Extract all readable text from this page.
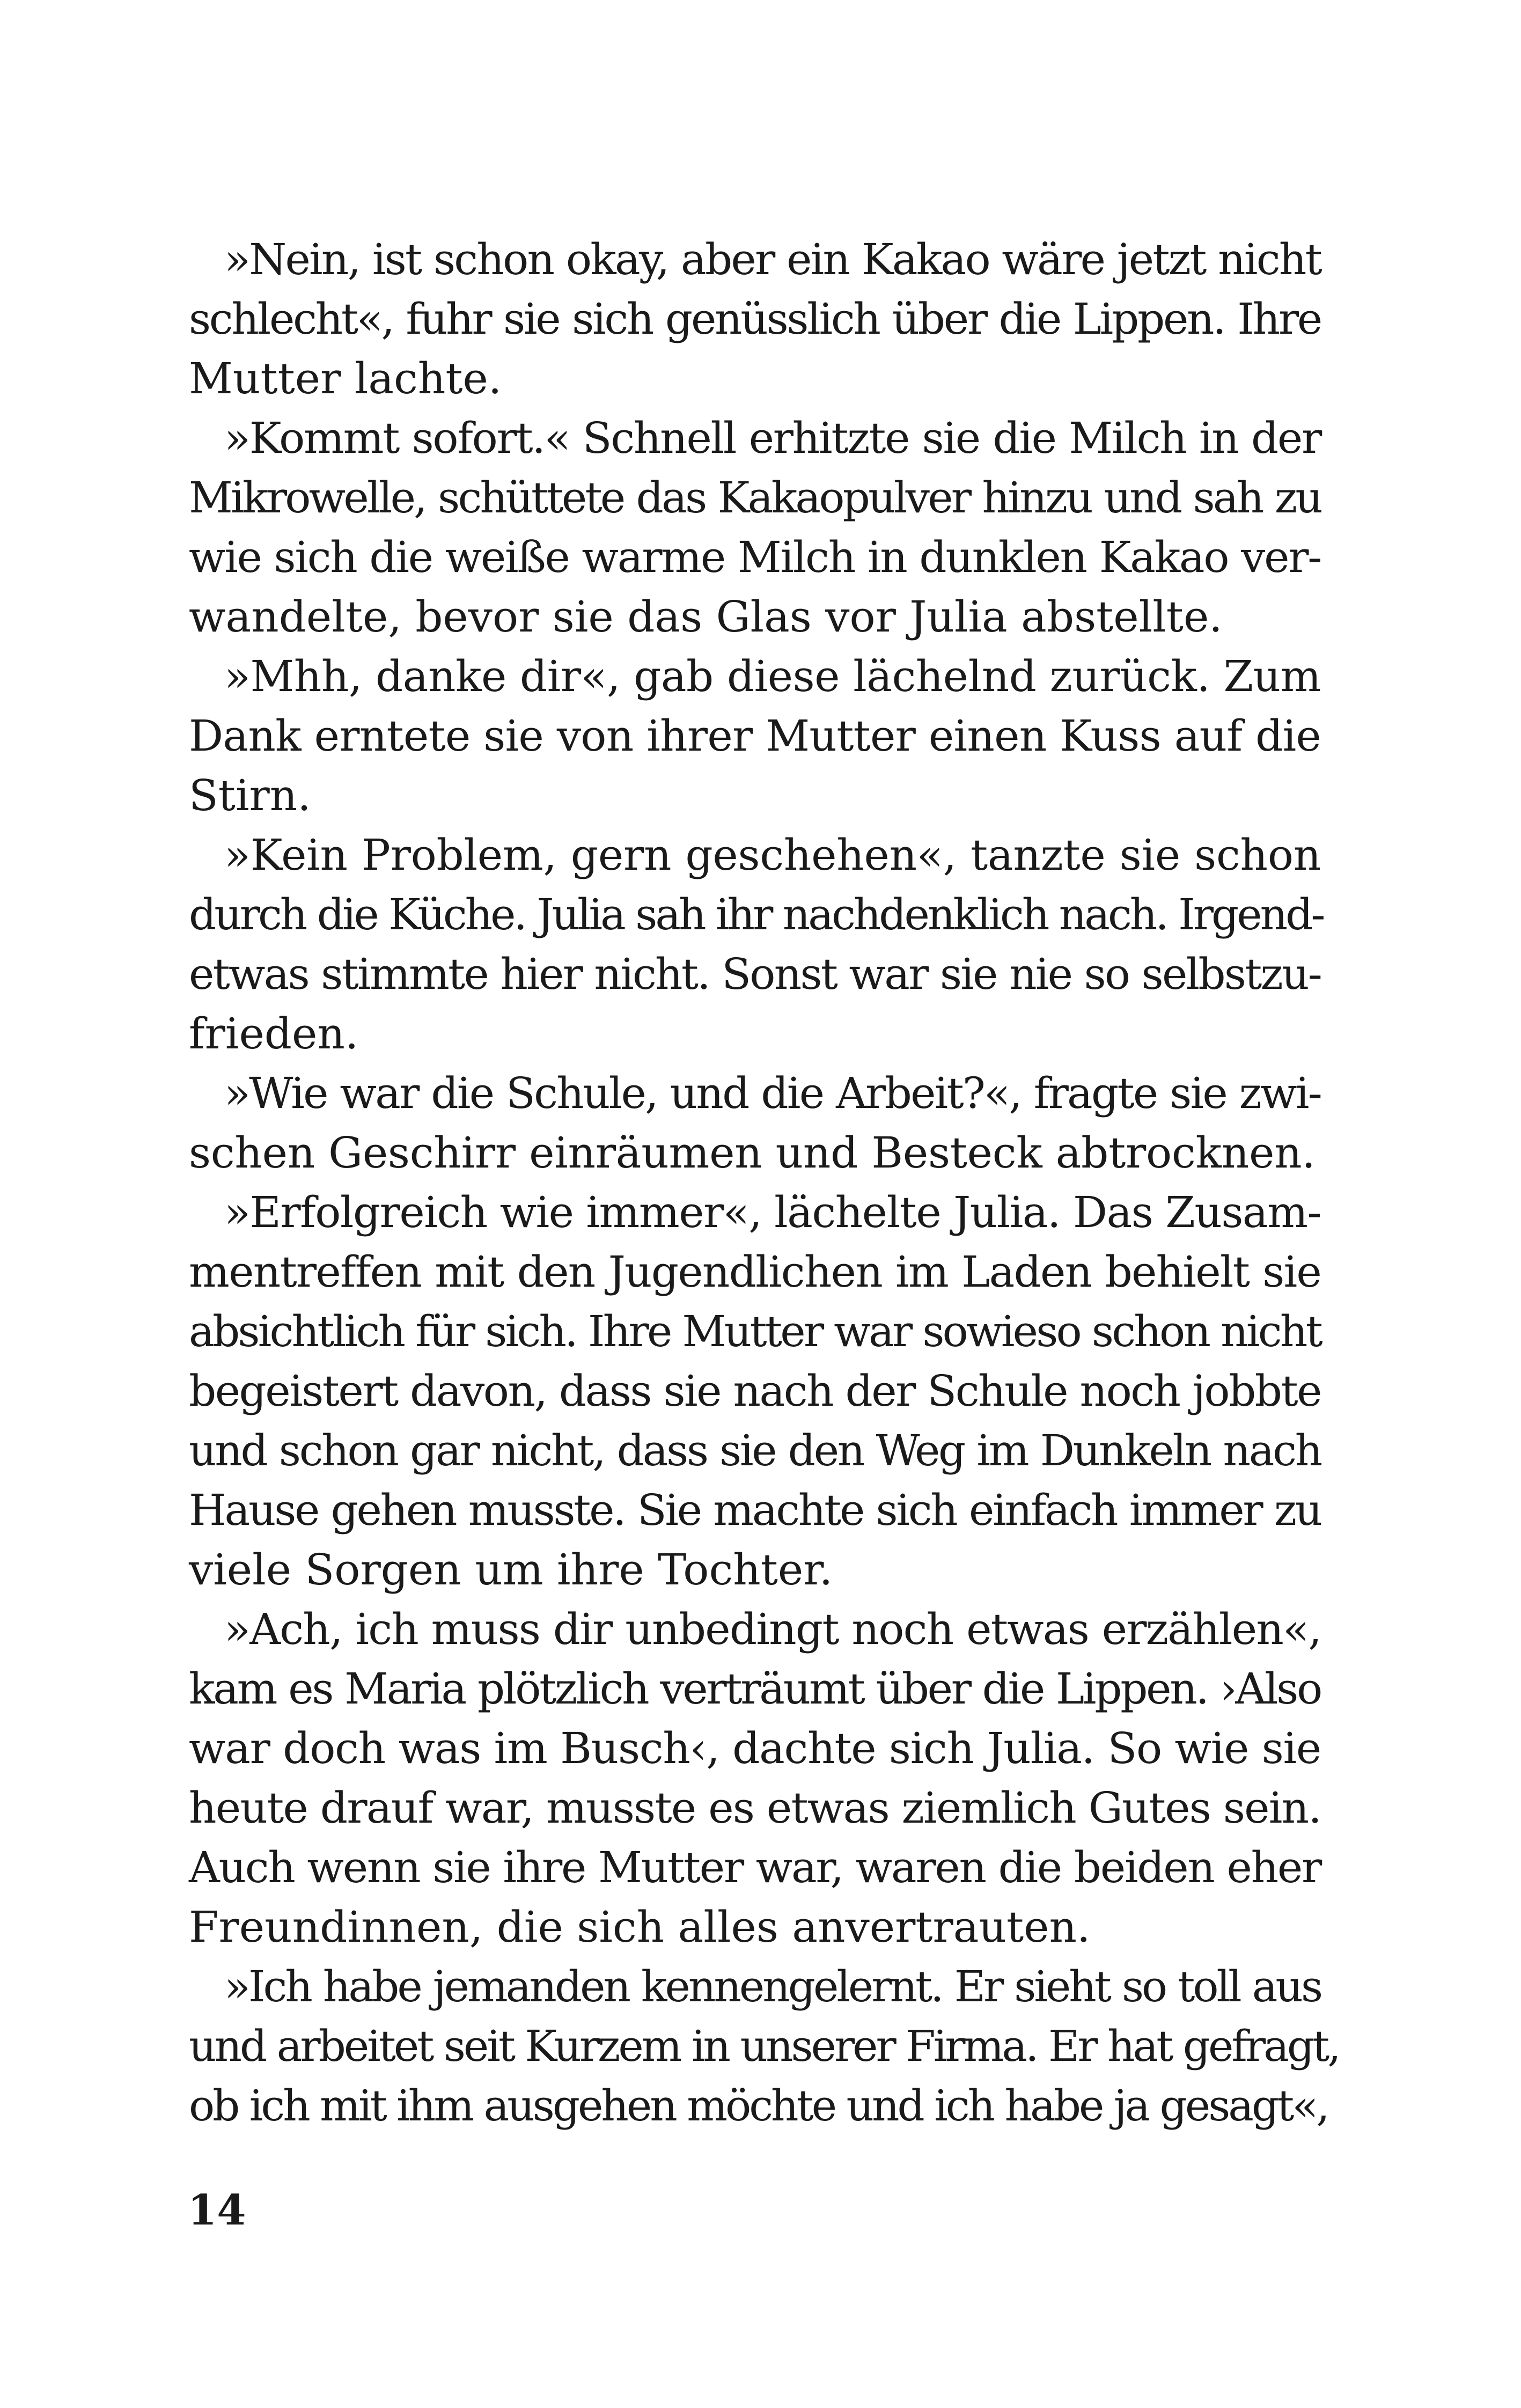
»Nein, ist schon okay, aber ein Kakao wäre jetzt nicht
schlecht«, fuhr sie sich genüsslich über die Lippen. Ihre
Mutter lachte.

»Kommt sofort.« Schnell erhitzte sie die Milch in der
Mikrowelle, schüttete das Kakaopulver hinzu und sah zu
wie sich die weiße warme Milch in dunklen Kakao ver-
wandelte, bevor sie das Glas vor Julia abstellte.

»Mhh, danke dir«, gab diese lächelnd zurück. Zum
Dank erntete sie von ihrer Mutter einen Kuss auf die
Stirn.

»Kein Problem, gern geschehen«, tanzte sie schon
durch die Küche. Julia sah ihr nachdenklich nach. Irgend-
etwas stimmte hier nicht. Sonst war sie nie so selbstzu-
frieden.

»Wie war die Schule, und die Arbeit?«, fragte sie zwi-
schen Geschirr einräumen und Besteck abtrocknen.

»Erfolgreich wie immer«, lächelte Julia. Das Zusam-
mentreffen mit den Jugendlichen im Laden behielt sie
absichtlich für sich. Ihre Mutter war sowieso schon nicht
begeistert davon, dass sie nach der Schule noch jobbte
und schon gar nicht, dass sie den Weg im Dunkeln nach
Hause gehen musste. Sie machte sich einfach immer zu
viele Sorgen um ihre Tochter.

»Ach, ich muss dir unbedingt noch etwas erzählen«,
kam es Maria plötzlich verträumt über die Lippen. ›Also
war doch was im Busch‹, dachte sich Julia. So wie sie
heute drauf war, musste es etwas ziemlich Gutes sein.
Auch wenn sie ihre Mutter war, waren die beiden eher
Freundinnen, die sich alles anvertrauten.

»Ich habe jemanden kennengelernt. Er sieht so toll aus
und arbeitet seit Kurzem in unserer Firma. Er hat gefragt,
ob ich mit ihm ausgehen möchte und ich habe ja gesagt«,

14
